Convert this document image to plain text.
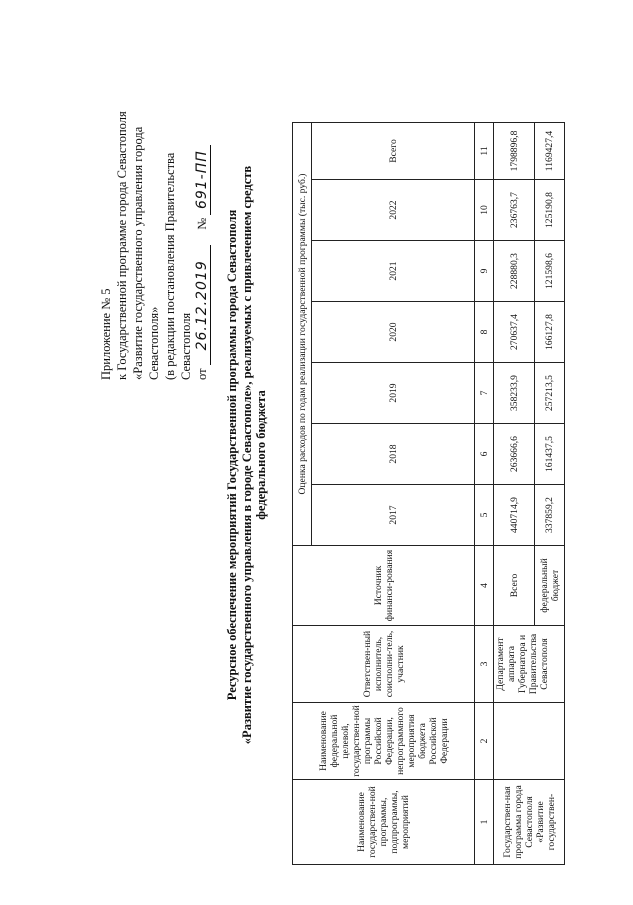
Приложение № 5 к Государственной программе города Севастополя «Развитие государственного управления города Севастополя» (в редакции постановления Правительства Севастополя от 26.12.2019     № 691-ПП
Ресурсное обеспечение мероприятий Государственной программы города Севастополя «Развитие государственного управления в городе Севастополе», реализуемых с привлечением средств федерального бюджета
Наименование государствен-ной программы, подпрограммы, мероприятий	Наименование федеральной целевой, государствен-ной программы Российской Федерации, непрограммного мероприятия бюджета Российской Федерации	Ответствен-ный исполнитель, соисполни-тель, участник	Источник финанси-рования	Оценка расходов по годам реализации государственной программы (тыс. руб.)						
				2017	2018	2019	2020	2021	2022	Всего
1	2	3	4	5	6	7	8	9	10	11
Государствен-ная программа города Севастополя «Развитие государствен-		Департамент аппарата Губернатора и Правительства Севастополя	Всего	440714,9	263666,6	358233,9	270637,4	228880,3	236763,7	1798896,8
			федеральный бюджет	337859,2	161437,5	257213,5	166127,8	121598,6	125190,8	1169427,4
